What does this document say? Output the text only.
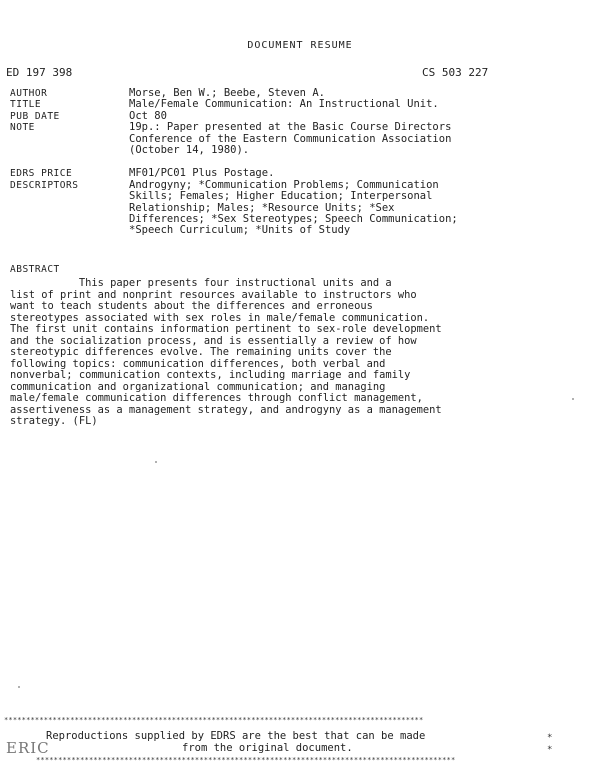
DOCUMENT RESUME
ED 197 398	CS 503 227
AUTHOR	Morse, Ben W.; Beebe, Steven A.
TITLE	Male/Female Communication: An Instructional Unit.
PUB DATE	Oct 80
NOTE	19p.: Paper presented at the Basic Course Directors
Conference of the Eastern Communication Association
(October 14, 1980).
EDRS PRICE	MF01/PC01 Plus Postage.
DESCRIPTORS	Androgyny; *Communication Problems; Communication
Skills; Females; Higher Education; Interpersonal
Relationship; Males; *Resource Units; *Sex
Differences; *Sex Stereotypes; Speech Communication;
*Speech Curriculum; *Units of Study
ABSTRACT
This paper presents four instructional units and a
list of print and nonprint resources available to instructors who
want to teach students about the differences and erroneous
stereotypes associated with sex roles in male/female communication.
The first unit contains information pertinent to sex-role development
and the socialization process, and is essentially a review of how
stereotypic differences evolve. The remaining units cover the
following topics: communication differences, both verbal and
nonverbal; communication contexts, including marriage and family
communication and organizational communication; and managing
male/female communication differences through conflict management,
assertiveness as a management strategy, and androgyny as a management
strategy. (FL)
***********************************************************************************************
Reproductions supplied by EDRS are the best that can be made
from the original document.
*
*
ERIC
***********************************************************************************************
